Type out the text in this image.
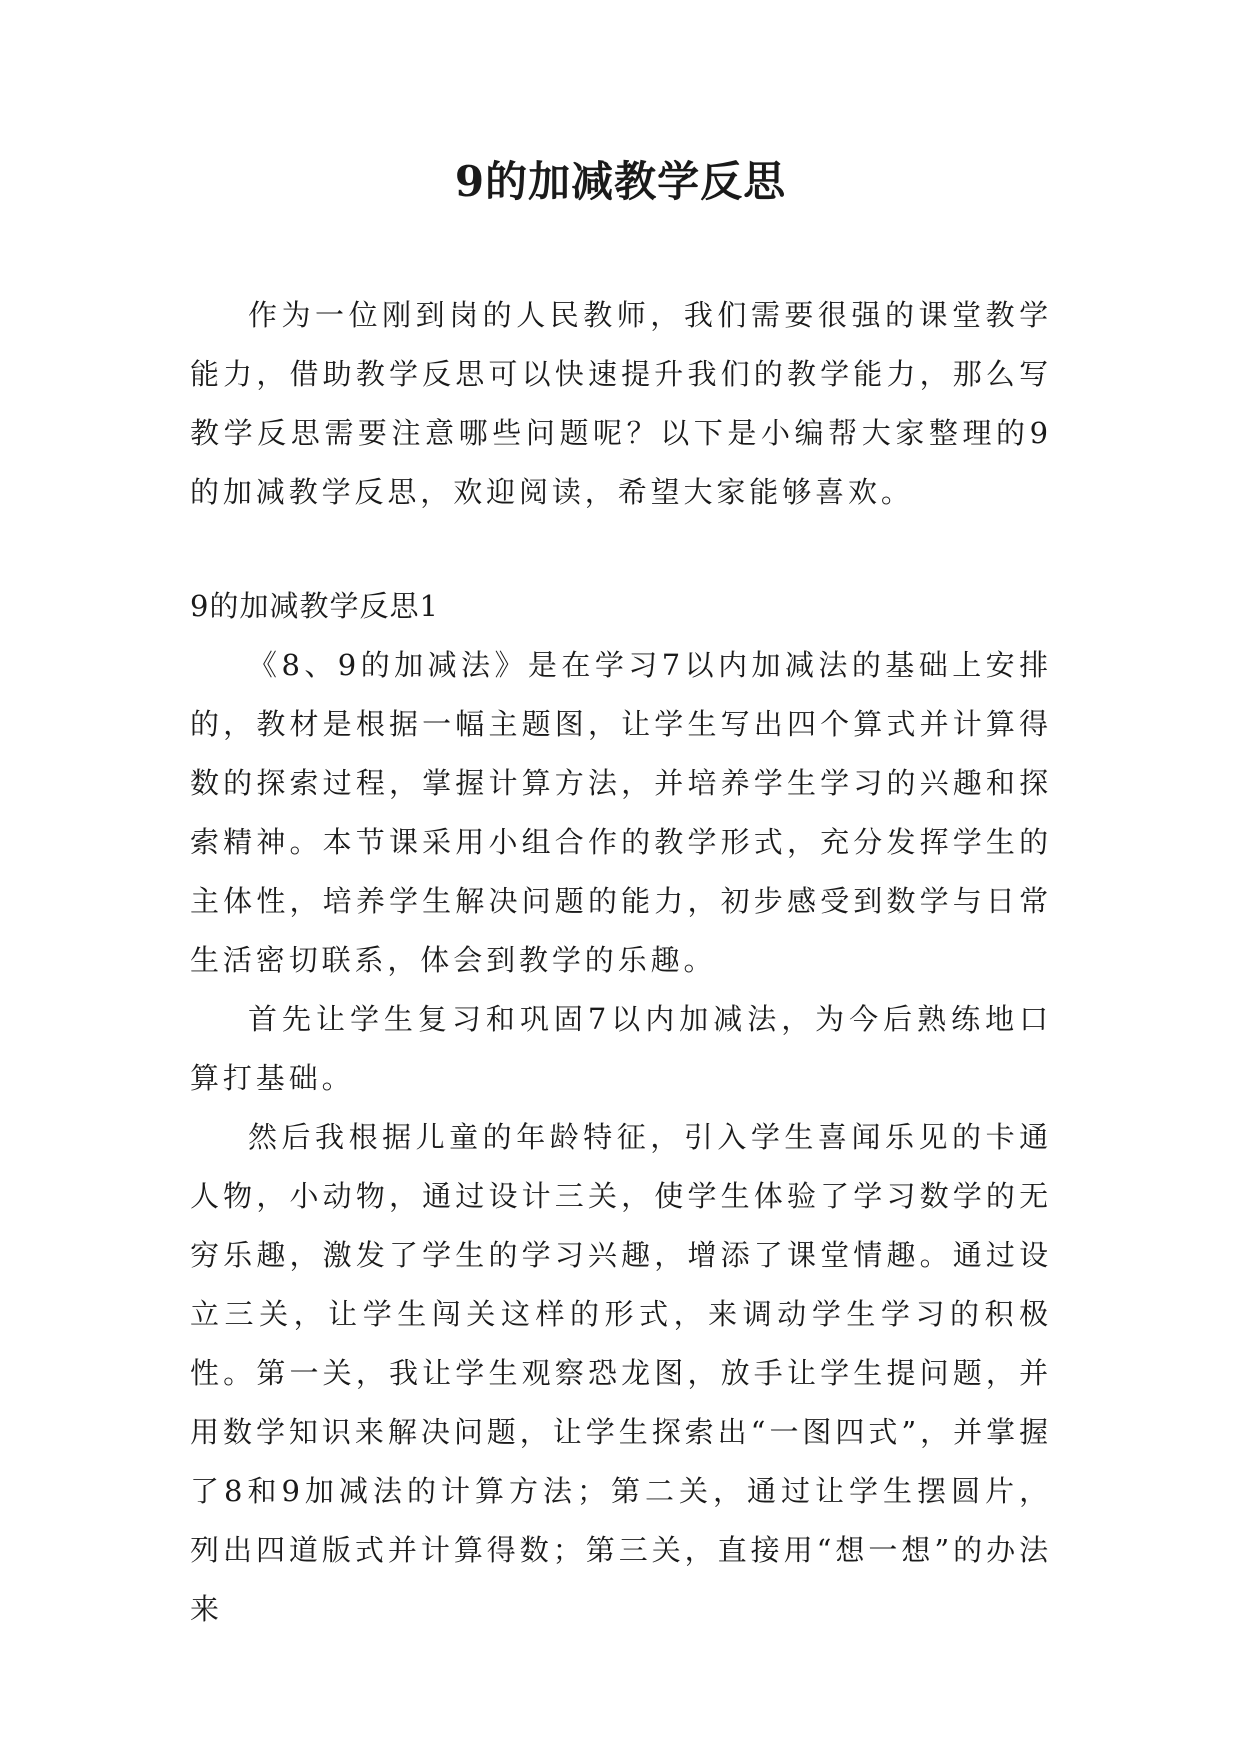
9的加减教学反思

作为一位刚到岗的人民教师，我们需要很强的课堂教学能力，借助教学反思可以快速提升我们的教学能力，那么写教学反思需要注意哪些问题呢？以下是小编帮大家整理的9的加减教学反思，欢迎阅读，希望大家能够喜欢。

9的加减教学反思1

《8、9的加减法》是在学习7以内加减法的基础上安排的，教材是根据一幅主题图，让学生写出四个算式并计算得数的探索过程，掌握计算方法，并培养学生学习的兴趣和探索精神。本节课采用小组合作的教学形式，充分发挥学生的主体性，培养学生解决问题的能力，初步感受到数学与日常生活密切联系，体会到教学的乐趣。

首先让学生复习和巩固7以内加减法，为今后熟练地口算打基础。

然后我根据儿童的年龄特征，引入学生喜闻乐见的卡通人物，小动物，通过设计三关，使学生体验了学习数学的无穷乐趣，激发了学生的学习兴趣，增添了课堂情趣。通过设立三关，让学生闯关这样的形式，来调动学生学习的积极性。第一关，我让学生观察恐龙图，放手让学生提问题，并用数学知识来解决问题，让学生探索出“一图四式”，并掌握了8和9加减法的计算方法；第二关，通过让学生摆圆片，列出四道版式并计算得数；第三关，直接用“想一想”的办法来
